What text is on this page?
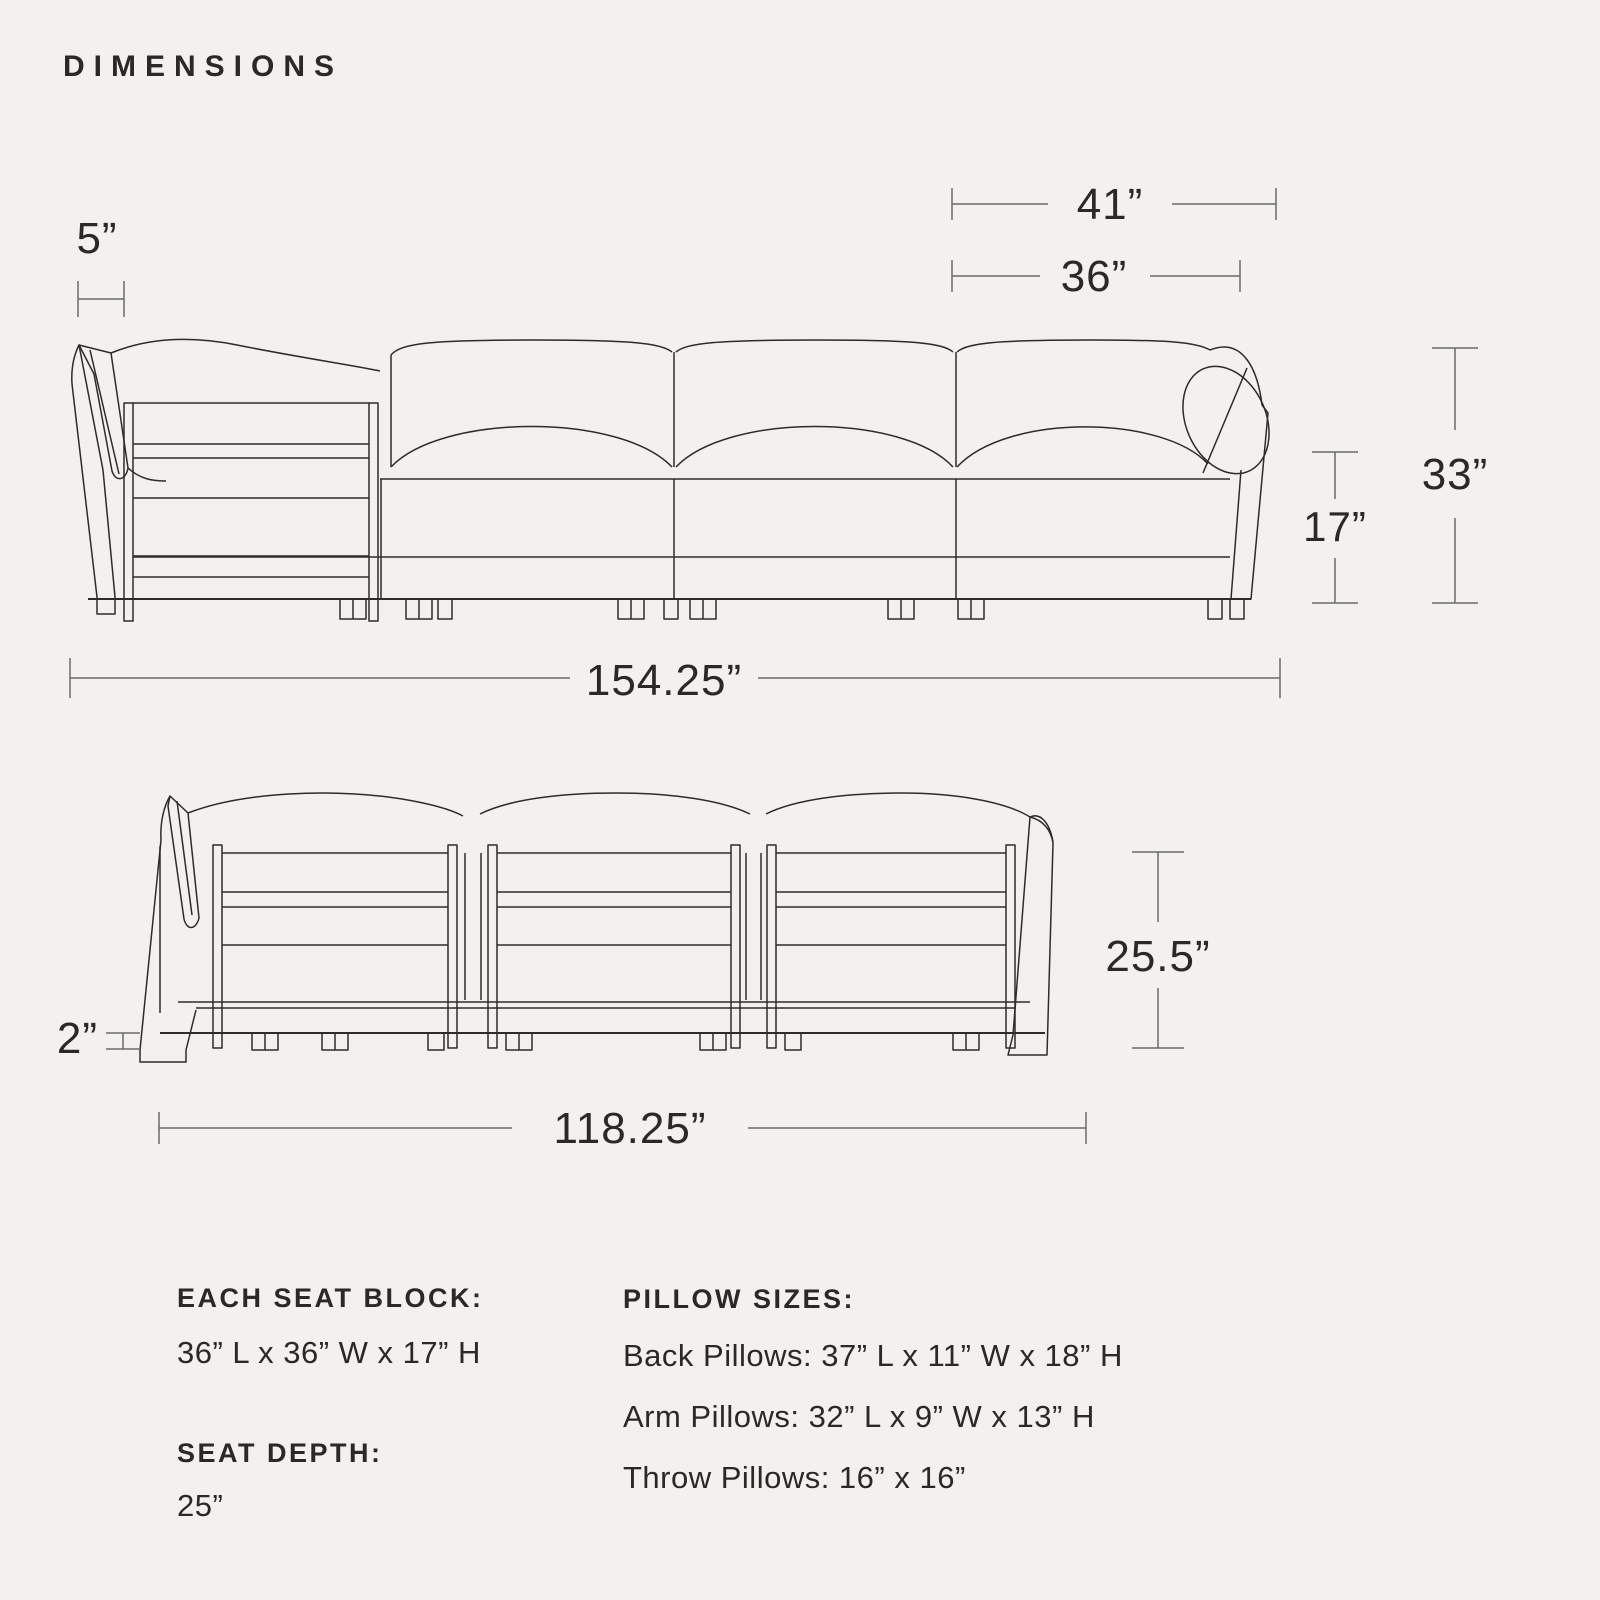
DIMENSIONS
5”
41”
36”
17”
33”
154.25”
25.5”
2”
118.25”
EACH SEAT BLOCK:
36” L x 36” W x 17” H
SEAT DEPTH:
25”
PILLOW SIZES:
Back Pillows: 37” L x 11” W x 18” H
Arm Pillows: 32” L x 9” W x 13” H
Throw Pillows: 16” x 16”
